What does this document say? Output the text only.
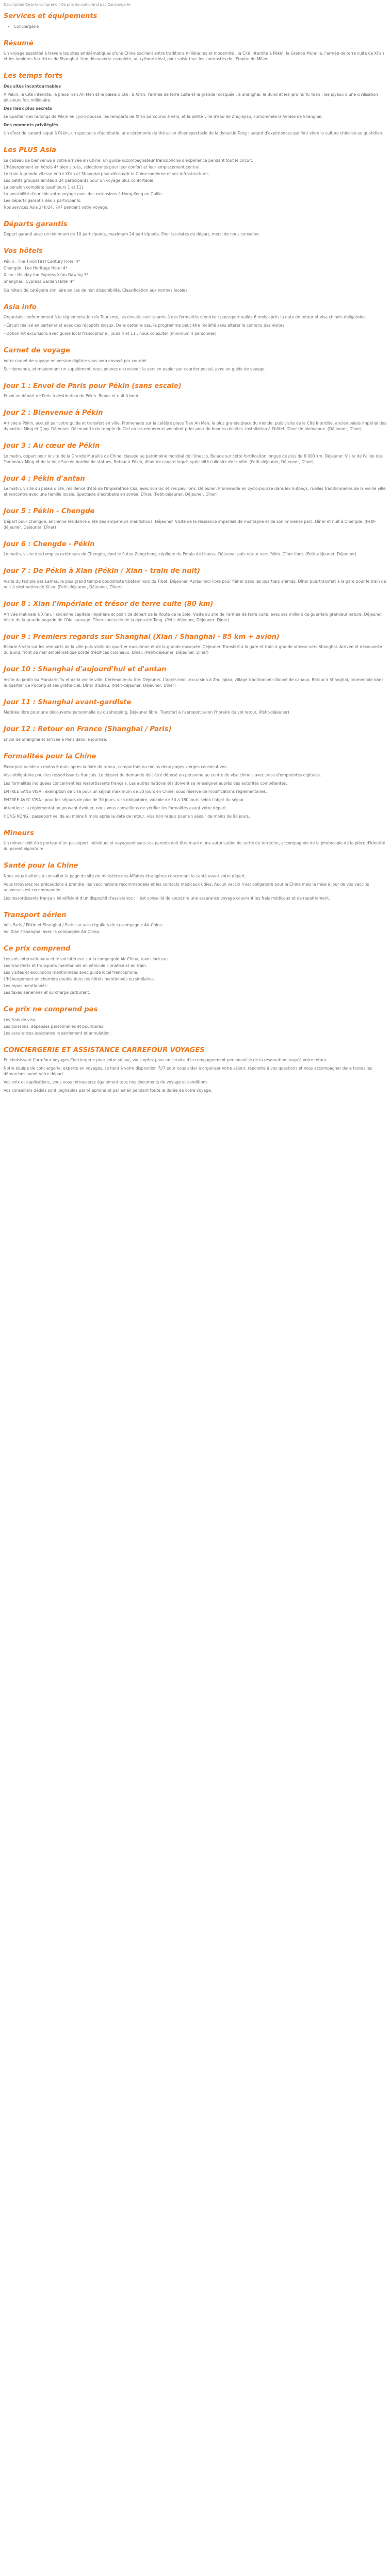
Description Ce prix comprend | Ce prix ne comprend pas Conciergerie
Services et équipements
• Conciergerie
Résumé

Un voyage essentiel à travers les sites emblématiques d'une Chine oscillant entre traditions millénaires et modernité : la Cité Interdite à Pékin, la Grande Muraille, l'armée de terre cuite de Xi'an et les lumières futuristes de Shanghai. Une découverte complète, au rythme idéal, pour saisir tous les contrastes de l'Empire du Milieu.

Les temps forts

Des sites incontournables

À Pékin, la Cité Interdite, la place Tian An Men et le palais d'Été ; à Xi'an, l'armée de terre cuite et la grande mosquée ; à Shanghai, le Bund et les jardins Yu Yuan : les joyaux d'une civilisation plusieurs fois millénaire.

Des lieux plus secrets

Le quartier des hutongs de Pékin en cyclo-pousse, les remparts de Xi'an parcourus à vélo, et la petite ville d'eau de Zhujiajiao, surnommée la Venise de Shanghai.

Des moments privilégiés

Un dîner de canard laqué à Pékin, un spectacle d'acrobatie, une cérémonie du thé et un dîner-spectacle de la dynastie Tang : autant d'expériences qui font vivre la culture chinoise au quotidien.

Les PLUS Asia
Le cadeau de bienvenue à votre arrivée en Chine, un guide-accompagnateur francophone d'expérience pendant tout le circuit.
L'hébergement en hôtels 4* bien situés, sélectionnés pour leur confort et leur emplacement central.
Le train à grande vitesse entre Xi'an et Shanghai pour découvrir la Chine moderne et ses infrastructures.
Les petits groupes limités à 24 participants pour un voyage plus confortable.
La pension complète (sauf jours 1 et 11).
La possibilité d'enrichir votre voyage avec des extensions à Hong Kong ou Guilin.
Les départs garantis dès 2 participants.
Nos services Asia 24h/24, 7j/7 pendant votre voyage.
Départs garantis

Départ garanti avec un minimum de 10 participants, maximum 24 participants. Pour les dates de départ, merci de nous consulter.

Vos hôtels
Pékin : The Tivoli First Century Hotel 4*
Chengde : Lee Heritage Hotel 4*
Xi'an : Holiday Inn Express Xi'an Dawing 3*
Shanghai : Cypress Garden Hotel 4*

Ou hôtels de catégorie similaire en cas de non disponibilité. Classification aux normes locales.

Asia info

Organisés conformément à la réglementation du Tourisme, les circuits sont soumis à des formalités d'entrée : passeport valide 6 mois après la date de retour et visa chinois obligatoire.

- Circuit réalisé en partenariat avec des réceptifs locaux. Dans certains cas, le programme peut être modifié sans altérer le contenu des visites.

- Option Kit excursions avec guide local francophone : jours 4 et 11 : nous consulter (minimum 4 personnes).

Carnet de voyage

Votre carnet de voyage en version digitale vous sera envoyé par courriel.

Sur demande, et moyennant un supplément, vous pouvez en recevoir la version papier par courrier postal, avec un guide de voyage.

Jour 1 : Envol de Paris pour Pékin (sans escale)

Envol au départ de Paris à destination de Pékin. Repas et nuit à bord.

Jour 2 : Bienvenue à Pékin

Arrivée à Pékin, accueil par votre guide et transfert en ville. Promenade sur la célèbre place Tian An Men, la plus grande place du monde, puis visite de la Cité Interdite, ancien palais impérial des dynasties Ming et Qing. Déjeuner. Découverte du temple du Ciel où les empereurs venaient prier pour de bonnes récoltes. Installation à l'hôtel. Dîner de bienvenue. (Déjeuner, Dîner)

Jour 3 : Au cœur de Pékin

Le matin, départ pour le site de la Grande Muraille de Chine, classée au patrimoine mondial de l'Unesco. Balade sur cette fortification longue de plus de 6 000 km. Déjeuner. Visite de l'allée des Tombeaux Ming et de la Voie Sacrée bordée de statues. Retour à Pékin, dîner de canard laqué, spécialité culinaire de la ville. (Petit-déjeuner, Déjeuner, Dîner)

Jour 4 : Pékin d'antan

Le matin, visite du palais d'Été, résidence d'été de l'impératrice Cixi, avec son lac et ses pavillons. Déjeuner. Promenade en cyclo-pousse dans les hutongs, ruelles traditionnelles de la vieille ville, et rencontre avec une famille locale. Spectacle d'acrobatie en soirée. Dîner. (Petit-déjeuner, Déjeuner, Dîner)

Jour 5 : Pékin - Chengde

Départ pour Chengde, ancienne résidence d'été des empereurs mandchous. Déjeuner. Visite de la résidence impériale de montagne et de son immense parc. Dîner et nuit à Chengde. (Petit-déjeuner, Déjeuner, Dîner)

Jour 6 : Chengde - Pékin

Le matin, visite des temples extérieurs de Chengde, dont le Putuo Zongcheng, réplique du Potala de Lhassa. Déjeuner puis retour vers Pékin. Dîner libre. (Petit-déjeuner, Déjeuner)

Jour 7 : De Pékin à Xian (Pékin / Xian - train de nuit)

Visite du temple des Lamas, le plus grand temple bouddhiste tibétain hors du Tibet. Déjeuner. Après-midi libre pour flâner dans les quartiers animés. Dîner puis transfert à la gare pour le train de nuit à destination de Xi'an. (Petit-déjeuner, Déjeuner, Dîner)

Jour 8 : Xian l'impériale et trésor de terre cuite (80 km)

Arrivée matinale à Xi'an, l'ancienne capitale impériale et point de départ de la Route de la Soie. Visite du site de l'armée de terre cuite, avec ses milliers de guerriers grandeur nature. Déjeuner. Visite de la grande pagode de l'Oie sauvage. Dîner-spectacle de la dynastie Tang. (Petit-déjeuner, Déjeuner, Dîner)

Jour 9 : Premiers regards sur Shanghai (Xian / Shanghai - 85 km + avion)

Balade à vélo sur les remparts de la ville puis visite du quartier musulman et de la grande mosquée. Déjeuner. Transfert à la gare et train à grande vitesse vers Shanghai. Arrivée et découverte du Bund, front de mer emblématique bordé d'édifices coloniaux. Dîner. (Petit-déjeuner, Déjeuner, Dîner)

Jour 10 : Shanghai d'aujourd'hui et d'antan

Visite du jardin du Mandarin Yu et de la vieille ville. Cérémonie du thé. Déjeuner. L'après-midi, excursion à Zhujiajiao, village traditionnel sillonné de canaux. Retour à Shanghai, promenade dans le quartier de Pudong et ses gratte-ciel. Dîner d'adieu. (Petit-déjeuner, Déjeuner, Dîner)

Jour 11 : Shanghai avant-gardiste

Matinée libre pour une découverte personnelle ou du shopping. Déjeuner libre. Transfert à l'aéroport selon l'horaire du vol retour. (Petit-déjeuner)

Jour 12 : Retour en France (Shanghai / Paris)

Envol de Shanghai et arrivée à Paris dans la journée.

Formalités pour la Chine

Passeport valide au moins 6 mois après la date de retour, comportant au moins deux pages vierges consécutives.

Visa obligatoire pour les ressortissants français. Le dossier de demande doit être déposé en personne au centre de visa chinois avec prise d'empreintes digitales.

Les formalités indiquées concernent les ressortissants français. Les autres nationalités doivent se renseigner auprès des autorités compétentes.

ENTRÉE SANS VISA : exemption de visa pour un séjour maximum de 30 jours en Chine, sous réserve de modifications réglementaires.

ENTRÉE AVEC VISA : pour les séjours de plus de 30 jours, visa obligatoire, valable de 30 à 180 jours selon l'objet du séjour.

Attention : la réglementation pouvant évoluer, nous vous conseillons de vérifier les formalités avant votre départ.

HONG KONG : passeport valide au moins 6 mois après la date de retour, visa non requis pour un séjour de moins de 90 jours.

Mineurs

Un mineur doit être porteur d'un passeport individuel et voyageant sans ses parents doit être muni d'une autorisation de sortie du territoire, accompagnée de la photocopie de la pièce d'identité du parent signataire.

Santé pour la Chine

Nous vous invitons à consulter la page du site du ministère des Affaires étrangères concernant la santé avant votre départ.

Vous trouverez les précautions à prendre, les vaccinations recommandées et les contacts médicaux utiles. Aucun vaccin n'est obligatoire pour la Chine mais la mise à jour de vos vaccins universels est recommandée.

Les ressortissants français bénéficient d'un dispositif d'assistance : il est conseillé de souscrire une assurance voyage couvrant les frais médicaux et de rapatriement.

Transport aérien
Vols Paris / Pékin et Shanghai / Paris sur vols réguliers de la compagnie Air China.
Vol Xian / Shanghai avec la compagnie Air China.
Ce prix comprend
Les vols internationaux et le vol intérieur sur la compagnie Air China, taxes incluses.
Les transferts et transports mentionnés en véhicule climatisé et en train.
Les visites et excursions mentionnées avec guide local francophone.
L'hébergement en chambre double dans les hôtels mentionnés ou similaires.
Les repas mentionnés.
Les taxes aériennes et surcharge carburant.
Ce prix ne comprend pas
Les frais de visa.
Les boissons, dépenses personnelles et pourboires.
Les assurances assistance rapatriement et annulation.
CONCIERGERIE ET ASSISTANCE CARREFOUR VOYAGES

En choisissant Carrefour Voyages Conciergerie pour votre séjour, vous optez pour un service d'accompagnement personnalisé de la réservation jusqu'à votre retour.

Notre équipe de conciergerie, experte en voyages, se tient à votre disposition 7j/7 pour vous aider à organiser votre séjour, répondre à vos questions et vous accompagner dans toutes les démarches avant votre départ.

Vos voix et applications, vous vous retrouverez également tous nos documents de voyage et conditions.

Vos conseillers dédiés sont joignables par téléphone et par email pendant toute la durée de votre voyage.
